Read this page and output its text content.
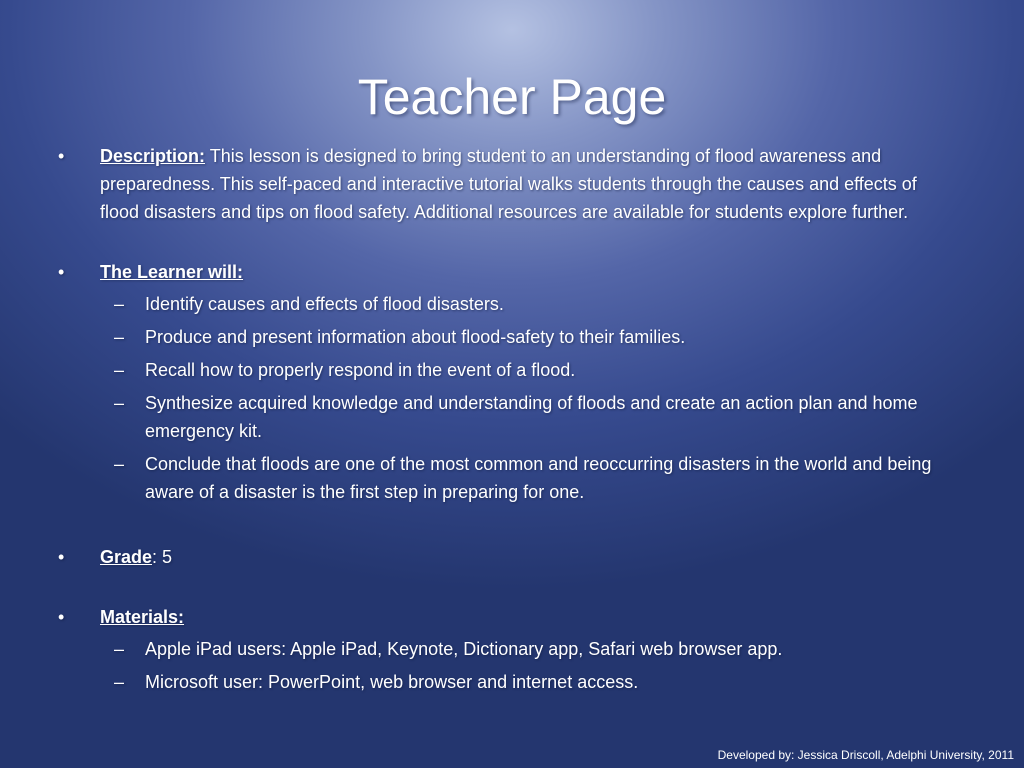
Teacher Page
• Description: This lesson is designed to bring student to an understanding of flood awareness and preparedness. This self-paced and interactive tutorial walks students through the causes and effects of flood disasters and tips on flood safety. Additional resources are available for students explore further.
• The Learner will:
– Identify causes and effects of flood disasters.
– Produce and present information about flood-safety to their families.
– Recall how to properly respond in the event of a flood.
– Synthesize acquired knowledge and understanding of floods and create an action plan and home emergency kit.
– Conclude that floods are one of the most common and reoccurring disasters in the world and being aware of a disaster is the first step in preparing for one.
• Grade: 5
• Materials:
– Apple iPad users: Apple iPad, Keynote, Dictionary app, Safari web browser app.
– Microsoft user: PowerPoint, web browser and internet access.
Developed by: Jessica Driscoll, Adelphi University, 2011
